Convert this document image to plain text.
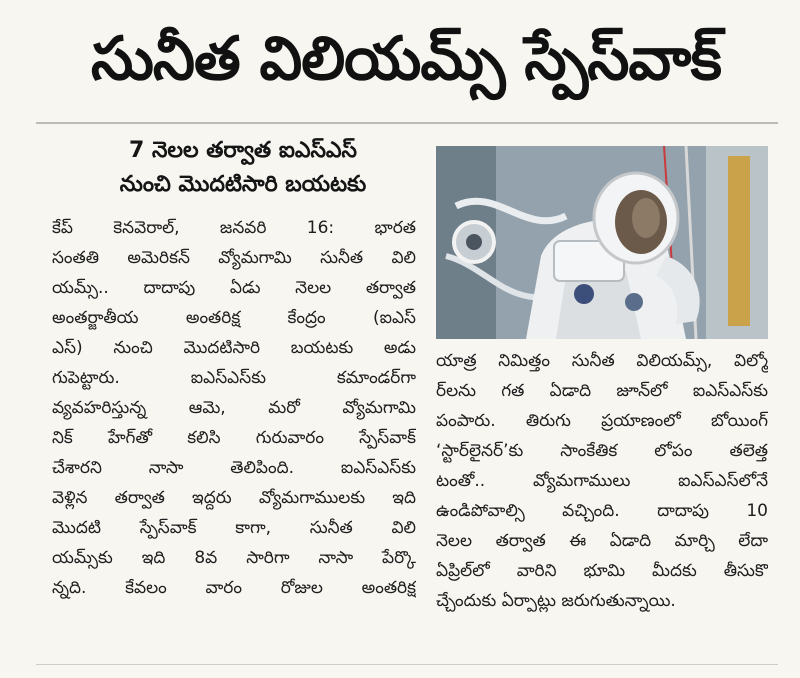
సునీత విలియమ్స్‌ స్పేస్‌వాక్‌
7 నెలల తర్వాత ఐఎస్‌ఎస్‌
నుంచి మొదటిసారి బయటకు
కేప్‌ కెనవెరాల్‌, జనవరి 16: భారత
సంతతి అమెరికన్‌ వ్యోమగామి సునీత విలి
యమ్స్‌.. దాదాపు ఏడు నెలల తర్వాత
అంతర్జాతీయ అంతరిక్ష కేంద్రం (ఐఎస్‌
ఎస్‌) నుంచి మొదటిసారి బయటకు అడు
గుపెట్టారు. ఐఎస్‌ఎస్‌కు కమాండర్‌గా
వ్యవహరిస్తున్న ఆమె, మరో వ్యోమగామి
నిక్‌ హేగ్‌తో కలిసి గురువారం స్పేస్‌వాక్‌
చేశారని నాసా తెలిపింది. ఐఎస్‌ఎస్‌కు
వెళ్లిన తర్వాత ఇద్దరు వ్యోమగాములకు ఇది
మొదటి స్పేస్‌వాక్‌ కాగా, సునీత విలి
యమ్స్‌కు ఇది 8వ సారిగా నాసా పేర్కొ
న్నది. కేవలం వారం రోజుల అంతరిక్ష
యాత్ర నిమిత్తం సునీత విలియమ్స్‌, విల్మో
ర్‌లను గత ఏడాది జూన్‌లో ఐఎస్‌ఎస్‌కు
పంపారు. తిరుగు ప్రయాణంలో బోయింగ్‌
‘స్టార్‌లైనర్‌’కు సాంకేతిక లోపం తలెత్త
టంతో.. వ్యోమగాములు ఐఎస్‌ఎస్‌లోనే
ఉండిపోవాల్సి వచ్చింది. దాదాపు 10
నెలల తర్వాత ఈ ఏడాది మార్చి లేదా
ఏప్రిల్‌లో వారిని భూమి మీదకు తీసుకొ
చ్చేందుకు ఏర్పాట్లు జరుగుతున్నాయి.
